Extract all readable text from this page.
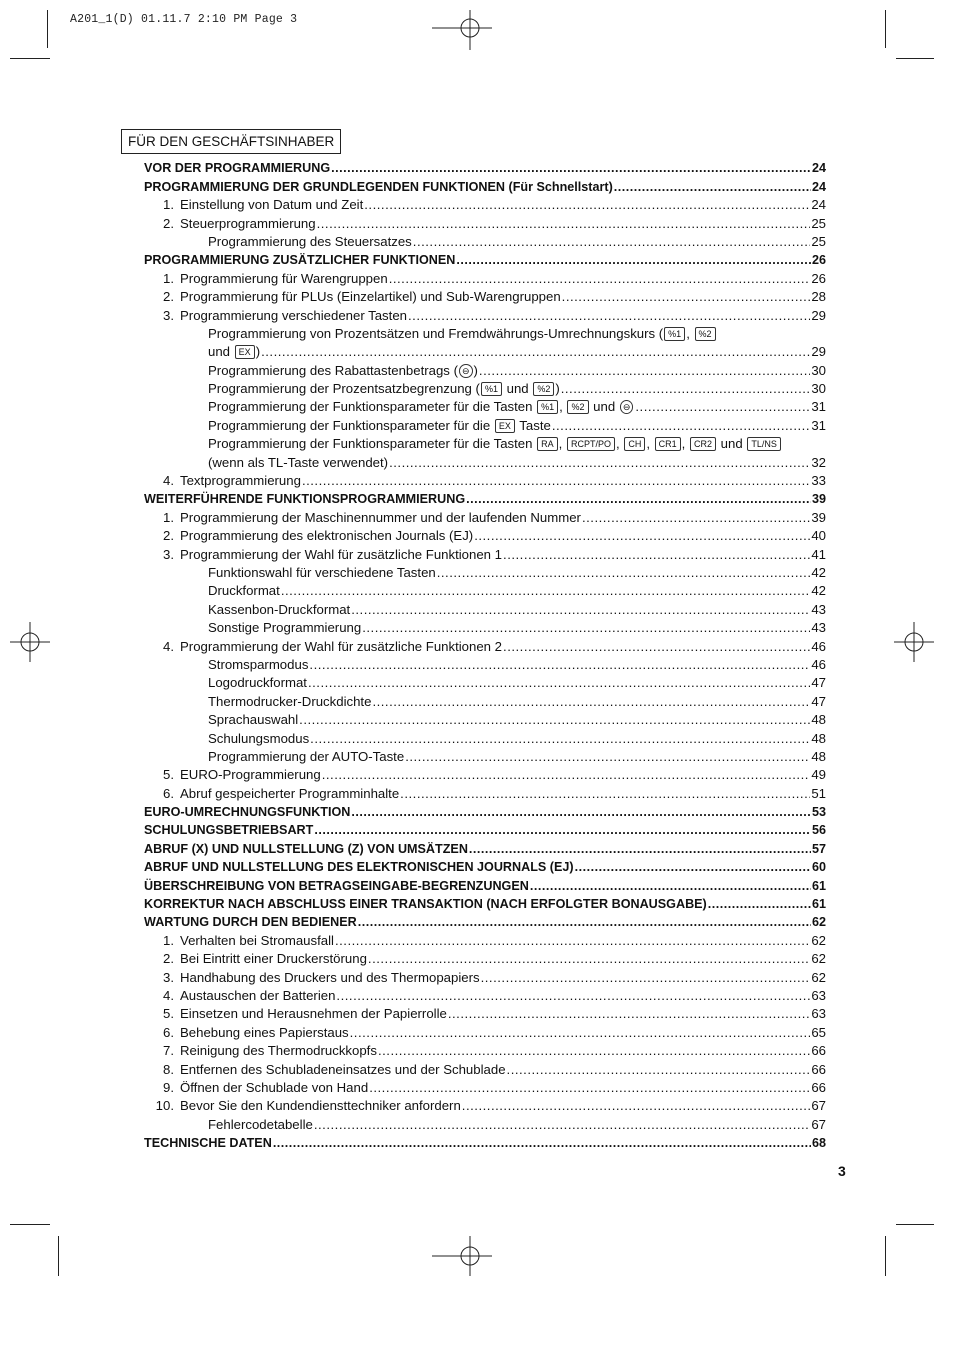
A201_1(D) 01.11.7 2:10 PM Page 3
FÜR DEN GESCHÄFTSINHABER
VOR DER PROGRAMMIERUNG .....	24
PROGRAMMIERUNG DER GRUNDLEGENDEN FUNKTIONEN (Für Schnellstart) .....	24
1. Einstellung von Datum und Zeit .....	24
2. Steuerprogrammierung .....	25
Programmierung des Steuersatzes .....	25
PROGRAMMIERUNG ZUSÄTZLICHER FUNKTIONEN .....	26
1. Programmierung für Warengruppen .....	26
2. Programmierung für PLUs (Einzelartikel) und Sub-Warengruppen .....	28
3. Programmierung verschiedener Tasten .....	29
Programmierung von Prozentsätzen und Fremdwährungs-Umrechnungskurs ( %1 , %2
und EX ) .....	29
Programmierung des Rabattastenbetrags ( ⊖ ) .....	30
Programmierung der Prozentsatzbegrenzung ( %1 und %2 ) .....	30
Programmierung der Funktionsparameter für die Tasten %1 , %2 und ⊖ .....	31
Programmierung der Funktionsparameter für die EX Taste .....	31
Programmierung der Funktionsparameter für die Tasten RA , RCPT/PO , CH , CR1 , CR2 und TL/NS
(wenn als TL-Taste verwendet) .....	32
4. Textprogrammierung .....	33
WEITERFÜHRENDE FUNKTIONSPROGRAMMIERUNG .....	39
1. Programmierung der Maschinennummer und der laufenden Nummer .....	39
2. Programmierung des elektronischen Journals (EJ) .....	40
3. Programmierung der Wahl für zusätzliche Funktionen 1 .....	41
Funktionswahl für verschiedene Tasten .....	42
Druckformat .....	42
Kassenbon-Druckformat .....	43
Sonstige Programmierung .....	43
4. Programmierung der Wahl für zusätzliche Funktionen 2 .....	46
Stromsparmodus .....	46
Logodruckformat .....	47
Thermodrucker-Druckdichte .....	47
Sprachauswahl .....	48
Schulungsmodus .....	48
Programmierung der AUTO-Taste .....	48
5. EURO-Programmierung .....	49
6. Abruf gespeicherter Programminhalte .....	51
EURO-UMRECHNUNGSFUNKTION .....	53
SCHULUNGSBETRIEBSART .....	56
ABRUF (X) UND NULLSTELLUNG (Z) VON UMSÄTZEN .....	57
ABRUF UND NULLSTELLUNG DES ELEKTRONISCHEN JOURNALS (EJ) .....	60
ÜBERSCHREIBUNG VON BETRAGSEINGABE-BEGRENZUNGEN .....	61
KORREKTUR NACH ABSCHLUSS EINER TRANSAKTION (NACH ERFOLGTER BONAUSGABE) .....	61
WARTUNG DURCH DEN BEDIENER .....	62
1. Verhalten bei Stromausfall .....	62
2. Bei Eintritt einer Druckerstörung .....	62
3. Handhabung des Druckers und des Thermopapiers .....	62
4. Austauschen der Batterien .....	63
5. Einsetzen und Herausnehmen der Papierrolle .....	63
6. Behebung eines Papierstaus .....	65
7. Reinigung des Thermodruckkopfs .....	66
8. Entfernen des Schubladeneinsatzes und der Schublade .....	66
9. Öffnen der Schublade von Hand .....	66
10. Bevor Sie den Kundendiensttechniker anfordern .....	67
Fehlercodetabelle .....	67
TECHNISCHE DATEN .....	68
3
